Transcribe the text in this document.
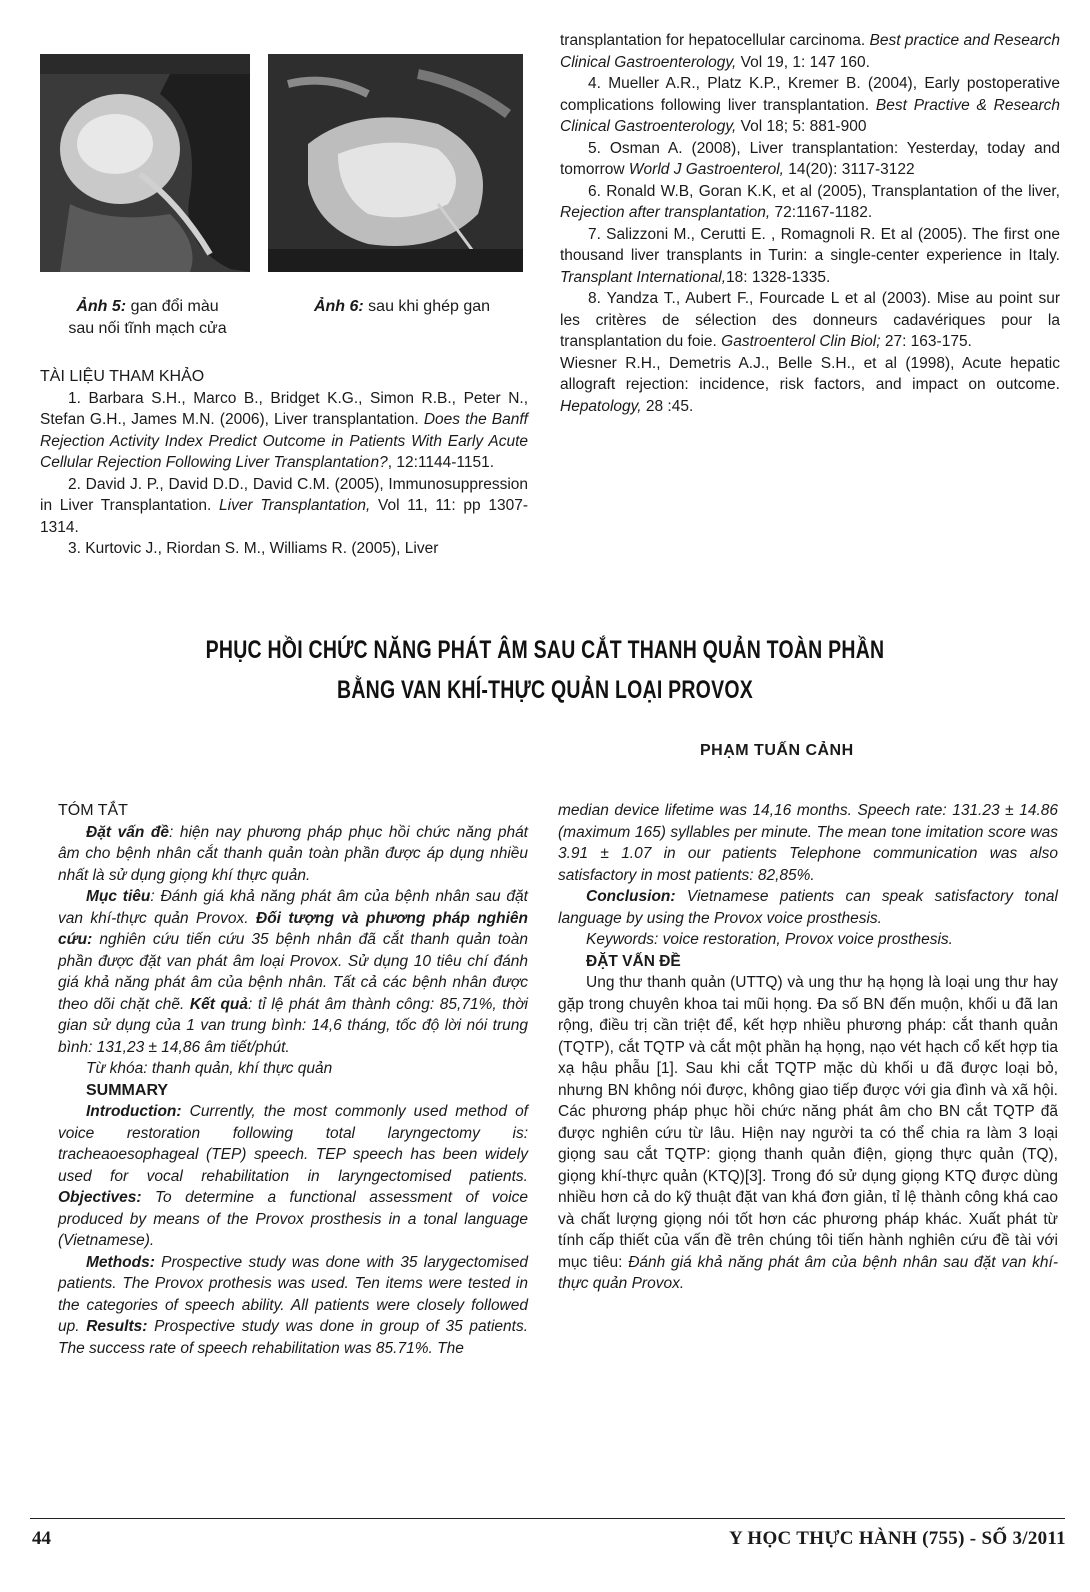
Ảnh 5: gan đổi màu
sau nối tĩnh mạch cửa
Ảnh 6: sau khi ghép gan

TÀI LIỆU THAM KHẢO

1. Barbara S.H., Marco B., Bridget K.G., Simon R.B., Peter N., Stefan G.H., James M.N. (2006), Liver transplantation. Does the Banff Rejection Activity Index Predict Outcome in Patients With Early Acute Cellular Rejection Following Liver Transplantation?, 12:1144-1151.

2. David J. P., David D.D., David C.M. (2005), Immunosuppression in Liver Transplantation. Liver Transplantation, Vol 11, 11: pp 1307-1314.

3. Kurtovic J., Riordan S. M., Williams R. (2005), Liver

transplantation for hepatocellular carcinoma. Best practice and Research Clinical Gastroenterology, Vol 19, 1: 147 160.

4. Mueller A.R., Platz K.P., Kremer B. (2004), Early postoperative complications following liver transplantation. Best Practive & Research Clinical Gastroenterology, Vol 18; 5: 881-900

5. Osman A. (2008), Liver transplantation: Yesterday, today and tomorrow World J Gastroenterol, 14(20): 3117-3122

6. Ronald W.B, Goran K.K, et al (2005), Transplantation of the liver, Rejection after transplantation, 72:1167-1182.

7. Salizzoni M., Cerutti E. , Romagnoli R. Et al (2005). The first one thousand liver transplants in Turin: a single-center experience in Italy. Transplant International,18: 1328-1335.

8. Yandza T., Aubert F., Fourcade L et al (2003). Mise au point sur les critères de sélection des donneurs cadavériques pour la transplantation du foie. Gastroenterol Clin Biol; 27: 163-175.

Wiesner R.H., Demetris A.J., Belle S.H., et al (1998), Acute hepatic allograft rejection: incidence, risk factors, and impact on outcome. Hepatology, 28 :45.

PHỤC HỒI CHỨC NĂNG PHÁT ÂM SAU CẮT THANH QUẢN TOÀN PHẦN
BẰNG VAN KHÍ-THỰC QUẢN LOẠI PROVOX
PHẠM TUẤN CẢNH

TÓM TẮT

Đặt vấn đề: hiện nay phương pháp phục hồi chức năng phát âm cho bệnh nhân cắt thanh quản toàn phần được áp dụng nhiều nhất là sử dụng giọng khí thực quản.

Mục tiêu: Đánh giá khả năng phát âm của bệnh nhân sau đặt van khí-thực quản Provox. Đối tượng và phương pháp nghiên cứu: nghiên cứu tiến cứu 35 bệnh nhân đã cắt thanh quản toàn phần được đặt van phát âm loại Provox. Sử dụng 10 tiêu chí đánh giá khả năng phát âm của bệnh nhân. Tất cả các bệnh nhân được theo dõi chặt chẽ. Kết quả: tỉ lệ phát âm thành công: 85,71%, thời gian sử dụng của 1 van trung bình: 14,6 tháng, tốc độ lời nói trung bình: 131,23 ± 14,86 âm tiết/phút.

Từ khóa: thanh quản, khí thực quản

SUMMARY

Introduction: Currently, the most commonly used method of voice restoration following total laryngectomy is: tracheaoesophageal (TEP) speech. TEP speech has been widely used for vocal rehabilitation in laryngectomised patients. Objectives: To determine a functional assessment of voice produced by means of the Provox prosthesis in a tonal language (Vietnamese).

Methods: Prospective study was done with 35 larygectomised patients. The Provox prothesis was used. Ten items were tested in the categories of speech ability. All patients were closely followed up. Results: Prospective study was done in group of 35 patients. The success rate of speech rehabilitation was 85.71%. The

median device lifetime was 14,16 months. Speech rate: 131.23 ± 14.86 (maximum 165) syllables per minute. The mean tone imitation score was 3.91 ± 1.07 in our patients Telephone communication was also satisfactory in most patients: 82,85%.

Conclusion: Vietnamese patients can speak satisfactory tonal language by using the Provox voice prosthesis.

Keywords: voice restoration, Provox voice prosthesis.

ĐẶT VẤN ĐỀ

Ung thư thanh quản (UTTQ) và ung thư hạ họng là loại ung thư hay gặp trong chuyên khoa tai mũi họng. Đa số BN đến muộn, khối u đã lan rộng, điều trị cần triệt để, kết hợp nhiều phương pháp: cắt thanh quản (TQTP), cắt TQTP và cắt một phần hạ họng, nạo vét hạch cổ kết hợp tia xạ hậu phẫu [1]. Sau khi cắt TQTP mặc dù khối u đã được loại bỏ, nhưng BN không nói được, không giao tiếp được với gia đình và xã hội. Các phương pháp phục hồi chức năng phát âm cho BN cắt TQTP đã được nghiên cứu từ lâu. Hiện nay người ta có thể chia ra làm 3 loại giọng sau cắt TQTP: giọng thanh quản điện, giọng thực quản (TQ), giọng khí-thực quản (KTQ)[3]. Trong đó sử dụng giọng KTQ được dùng nhiều hơn cả do kỹ thuật đặt van khá đơn giản, tỉ lệ thành công khá cao và chất lượng giọng nói tốt hơn các phương pháp khác. Xuất phát từ tính cấp thiết của vấn đề trên chúng tôi tiến hành nghiên cứu đề tài với mục tiêu: Đánh giá khả năng phát âm của bệnh nhân sau đặt van khí-thực quản Provox.

44	Y HỌC THỰC HÀNH (755) - SỐ 3/2011
